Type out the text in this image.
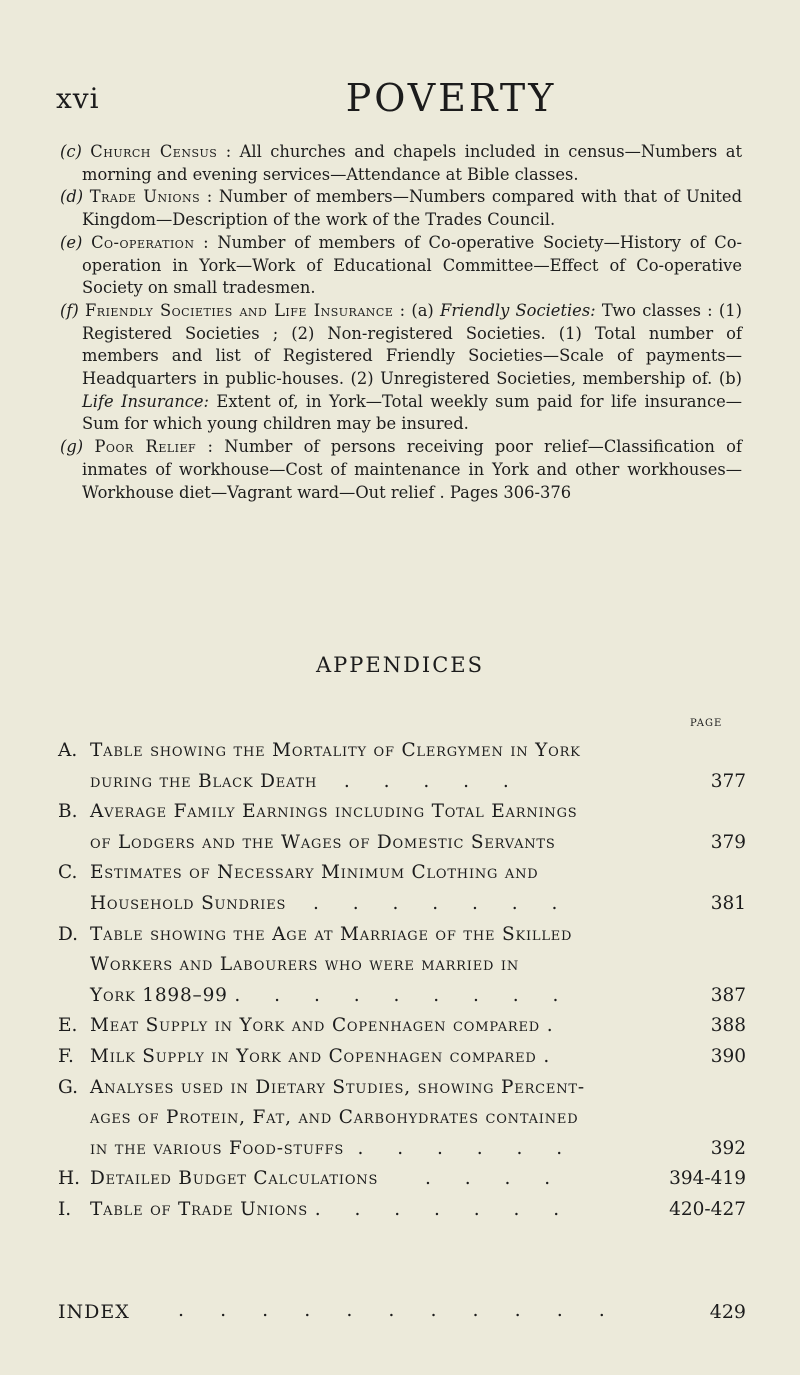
xvi	POVERTY

(c) Church Census : All churches and chapels included in census—Numbers at morning and evening services—Attendance at Bible classes.

(d) Trade Unions : Number of members—Numbers compared with that of United Kingdom—Description of the work of the Trades Council.

(e) Co-operation : Number of members of Co-operative Society—History of Co-operation in York—Work of Educational Committee—Effect of Co-operative Society on small tradesmen.

(f) Friendly Societies and Life Insurance : (a) Friendly Societies: Two classes : (1) Registered Societies ; (2) Non-registered Societies. (1) Total number of members and list of Registered Friendly Societies—Scale of payments—Headquarters in public-houses. (2) Unregistered Societies, membership of. (b) Life Insurance: Extent of, in York—Total weekly sum paid for life insurance—Sum for which young children may be insured.

(g) Poor Relief : Number of persons receiving poor relief—Classification of inmates of workhouse—Cost of maintenance in York and other workhouses—Workhouse diet—Vagrant ward—Out relief . Pages 306-376

APPENDICES
PAGE
A. Table showing the Mortality of Clergymen in York
during the Black Death . . . . .	377
B. Average Family Earnings including Total Earnings
of Lodgers and the Wages of Domestic Servants	379
C. Estimates of Necessary Minimum Clothing and
Household Sundries . . . . . . .	381
D. Table showing the Age at Marriage of the Skilled
Workers and Labourers who were married in
York 1898–99 . . . . . . . . .	387
E. Meat Supply in York and Copenhagen compared .	388
F. Milk Supply in York and Copenhagen compared .	390
G. Analyses used in Dietary Studies, showing Percent-
ages of Protein, Fat, and Carbohydrates contained
in the various Food-stuffs . . . . . .	392
H. Detailed Budget Calculations	. . . .	394-419
I. Table of Trade Unions . . . . . . .	420-427
INDEX	. . . . . . . . . . .	429
